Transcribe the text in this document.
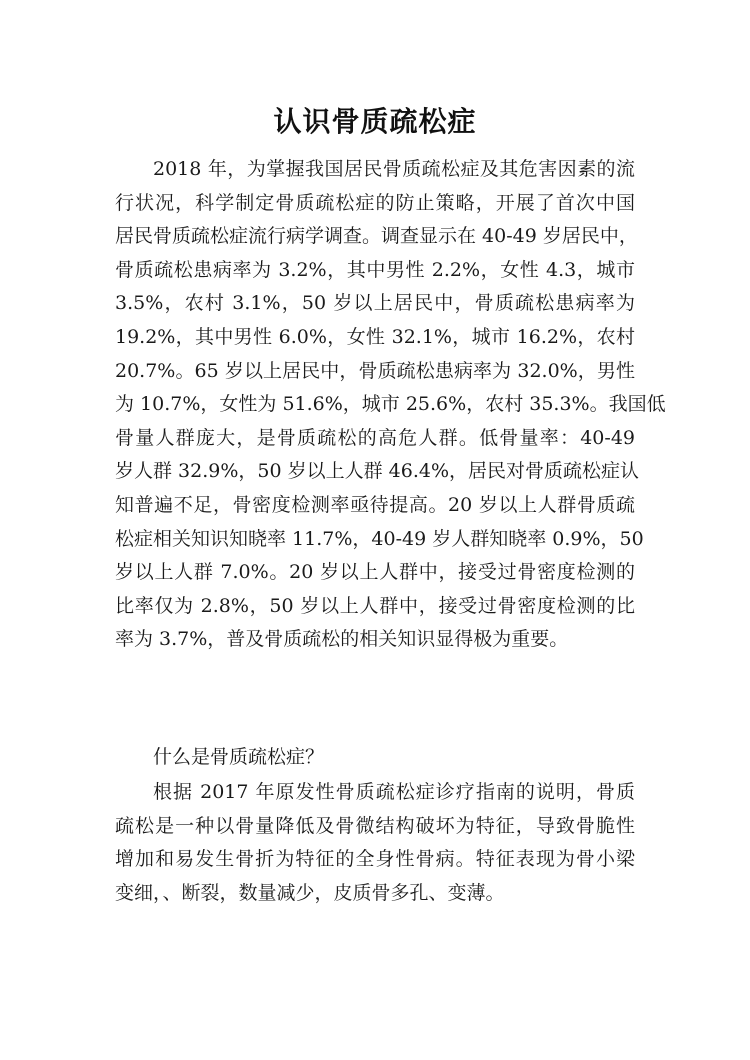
认识骨质疏松症
2018 年，为掌握我国居民骨质疏松症及其危害因素的流
行状况，科学制定骨质疏松症的防止策略，开展了首次中国
居民骨质疏松症流行病学调查。调查显示在 40-49 岁居民中，
骨质疏松患病率为 3.2%，其中男性 2.2%，女性 4.3，城市
3.5%，农村 3.1%，50 岁以上居民中，骨质疏松患病率为
19.2%，其中男性 6.0%，女性 32.1%，城市 16.2%，农村
20.7%。65 岁以上居民中，骨质疏松患病率为 32.0%，男性
为 10.7%，女性为 51.6%，城市 25.6%，农村 35.3%。我国低
骨量人群庞大，是骨质疏松的高危人群。低骨量率：40-49
岁人群 32.9%，50 岁以上人群 46.4%，居民对骨质疏松症认
知普遍不足，骨密度检测率亟待提高。20 岁以上人群骨质疏
松症相关知识知晓率 11.7%，40-49 岁人群知晓率 0.9%，50
岁以上人群 7.0%。20 岁以上人群中，接受过骨密度检测的
比率仅为 2.8%，50 岁以上人群中，接受过骨密度检测的比
率为 3.7%，普及骨质疏松的相关知识显得极为重要。
什么是骨质疏松症？
根据 2017 年原发性骨质疏松症诊疗指南的说明，骨质
疏松是一种以骨量降低及骨微结构破坏为特征，导致骨脆性
增加和易发生骨折为特征的全身性骨病。特征表现为骨小梁
变细，、断裂，数量减少，皮质骨多孔、变薄。
